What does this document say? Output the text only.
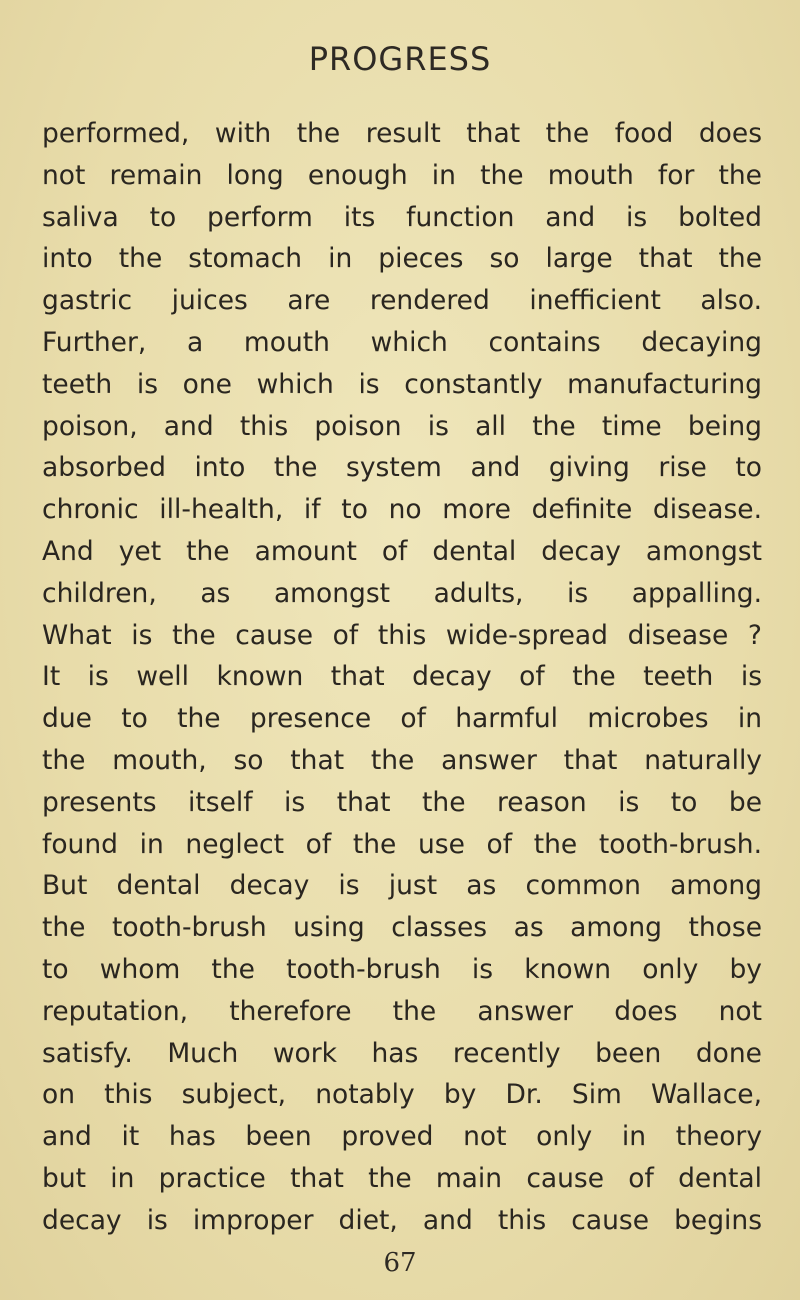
PROGRESS
performed, with the result that the food does
not remain long enough in the mouth for the
saliva to perform its function and is bolted
into the stomach in pieces so large that the
gastric juices are rendered inefficient also.
Further, a mouth which contains decaying
teeth is one which is constantly manufacturing
poison, and this poison is all the time being
absorbed into the system and giving rise to
chronic ill-health, if to no more definite disease.
And yet the amount of dental decay amongst
children, as amongst adults, is appalling.
What is the cause of this wide-spread disease ?
It is well known that decay of the teeth is
due to the presence of harmful microbes in
the mouth, so that the answer that naturally
presents itself is that the reason is to be
found in neglect of the use of the tooth-brush.
But dental decay is just as common among
the tooth-brush using classes as among those
to whom the tooth-brush is known only by
reputation, therefore the answer does not
satisfy. Much work has recently been done
on this subject, notably by Dr. Sim Wallace,
and it has been proved not only in theory
but in practice that the main cause of dental
decay is improper diet, and this cause begins
67
